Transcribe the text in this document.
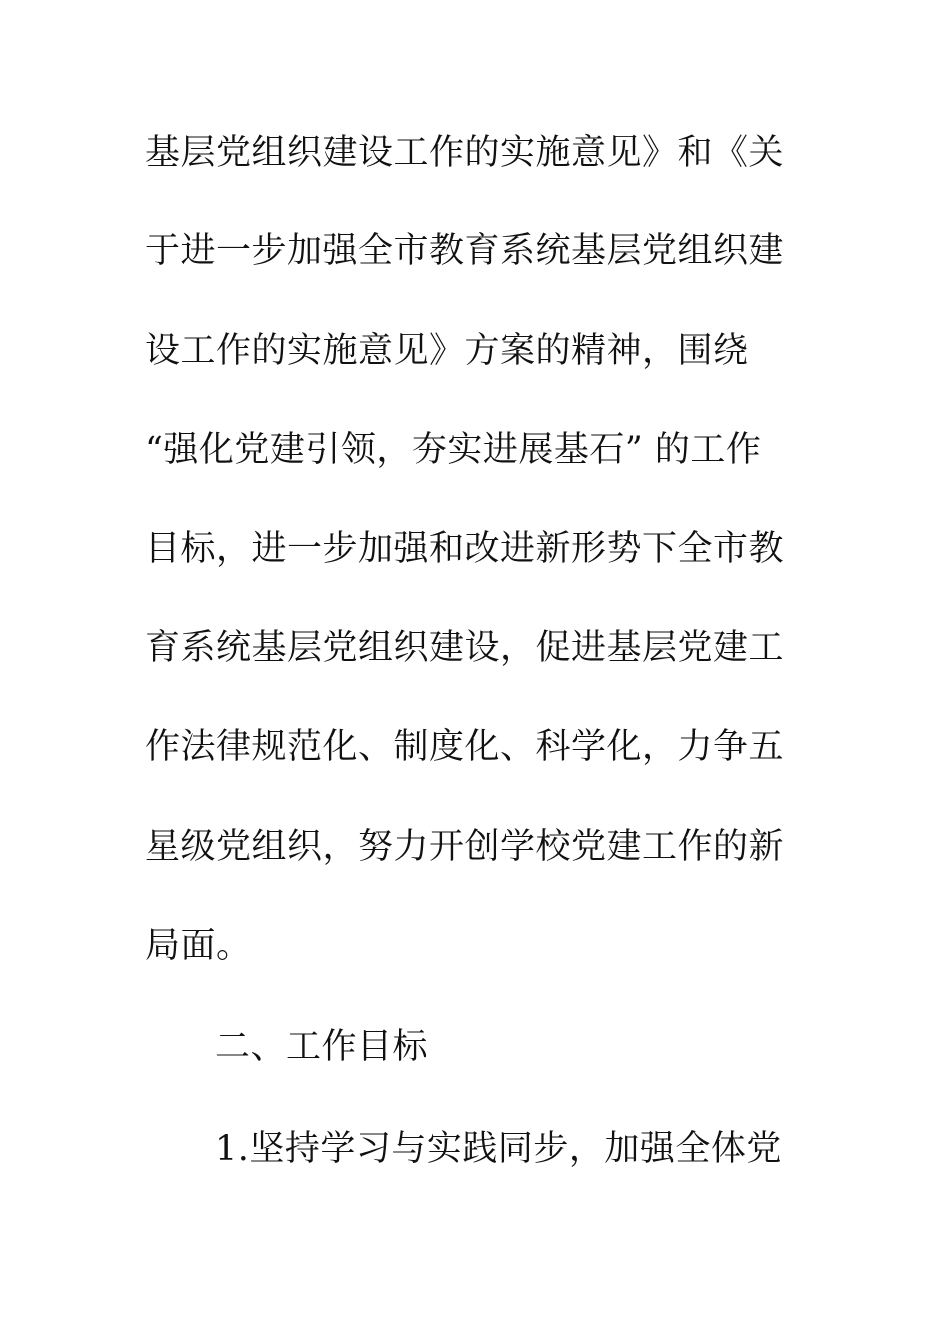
基层党组织建设工作的实施意见》和《关
于进一步加强全市教育系统基层党组织建
设工作的实施意见》方案的精神，围绕
“强化党建引领，夯实进展基石” 的工作
目标，进一步加强和改进新形势下全市教
育系统基层党组织建设，促进基层党建工
作法律规范化、制度化、科学化，力争五
星级党组织，努力开创学校党建工作的新
局面。
二、工作目标
1.坚持学习与实践同步，加强全体党
